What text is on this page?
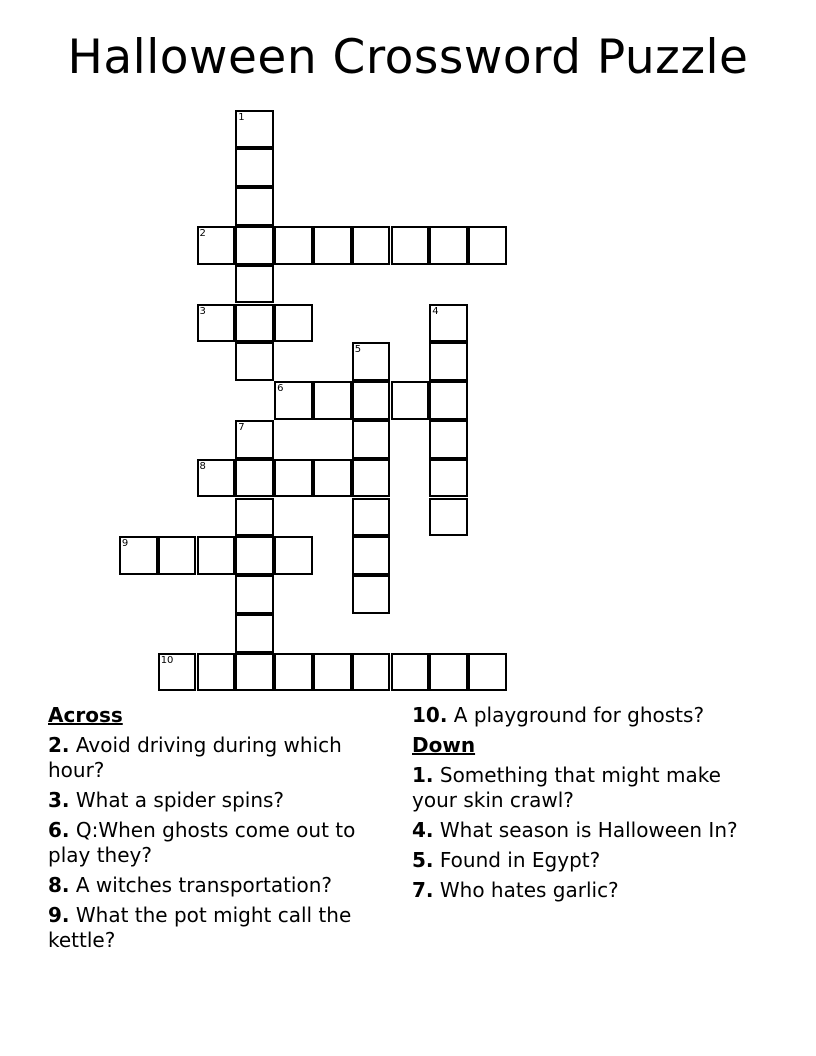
Halloween Crossword Puzzle
2
3	4
5
6
7
8
9
10
1
Across
2. Avoid driving during which hour?
3. What a spider spins?
6. Q:When ghosts come out to play they?
8. A witches transportation?
9. What the pot might call the kettle?
10. A playground for ghosts?
Down
1. Something that might make your skin crawl?
4. What season is Halloween In?
5. Found in Egypt?
7. Who hates garlic?
